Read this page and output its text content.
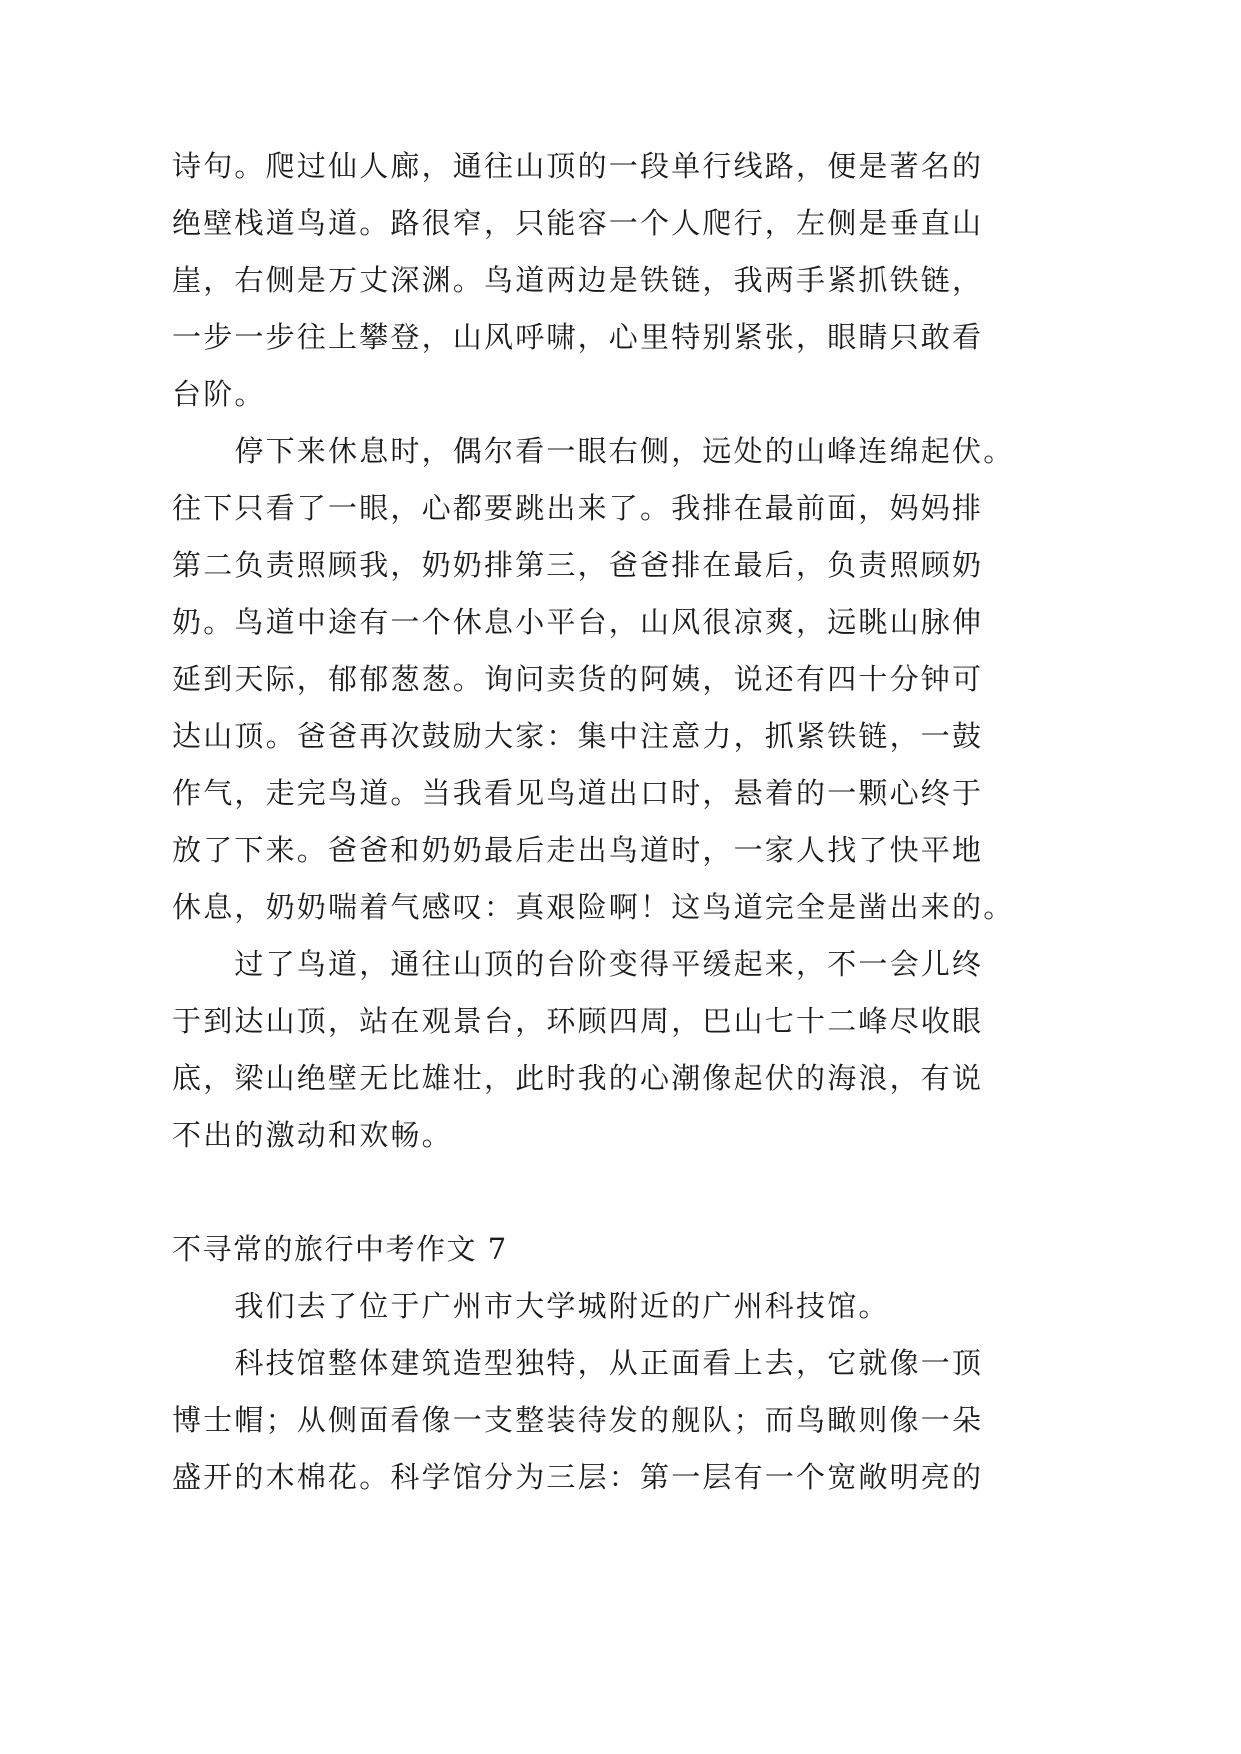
诗句。爬过仙人廊，通往山顶的一段单行线路，便是著名的
绝壁栈道鸟道。路很窄，只能容一个人爬行，左侧是垂直山
崖，右侧是万丈深渊。鸟道两边是铁链，我两手紧抓铁链，
一步一步往上攀登，山风呼啸，心里特别紧张，眼睛只敢看
台阶。
　　停下来休息时，偶尔看一眼右侧，远处的山峰连绵起伏。
往下只看了一眼，心都要跳出来了。我排在最前面，妈妈排
第二负责照顾我，奶奶排第三，爸爸排在最后，负责照顾奶
奶。鸟道中途有一个休息小平台，山风很凉爽，远眺山脉伸
延到天际，郁郁葱葱。询问卖货的阿姨，说还有四十分钟可
达山顶。爸爸再次鼓励大家：集中注意力，抓紧铁链，一鼓
作气，走完鸟道。当我看见鸟道出口时，悬着的一颗心终于
放了下来。爸爸和奶奶最后走出鸟道时，一家人找了快平地
休息，奶奶喘着气感叹：真艰险啊！这鸟道完全是凿出来的。
　　过了鸟道，通往山顶的台阶变得平缓起来，不一会儿终
于到达山顶，站在观景台，环顾四周，巴山七十二峰尽收眼
底，梁山绝壁无比雄壮，此时我的心潮像起伏的海浪，有说
不出的激动和欢畅。
不寻常的旅行中考作文 7
　　我们去了位于广州市大学城附近的广州科技馆。
　　科技馆整体建筑造型独特，从正面看上去，它就像一顶
博士帽；从侧面看像一支整装待发的舰队；而鸟瞰则像一朵
盛开的木棉花。科学馆分为三层：第一层有一个宽敞明亮的
